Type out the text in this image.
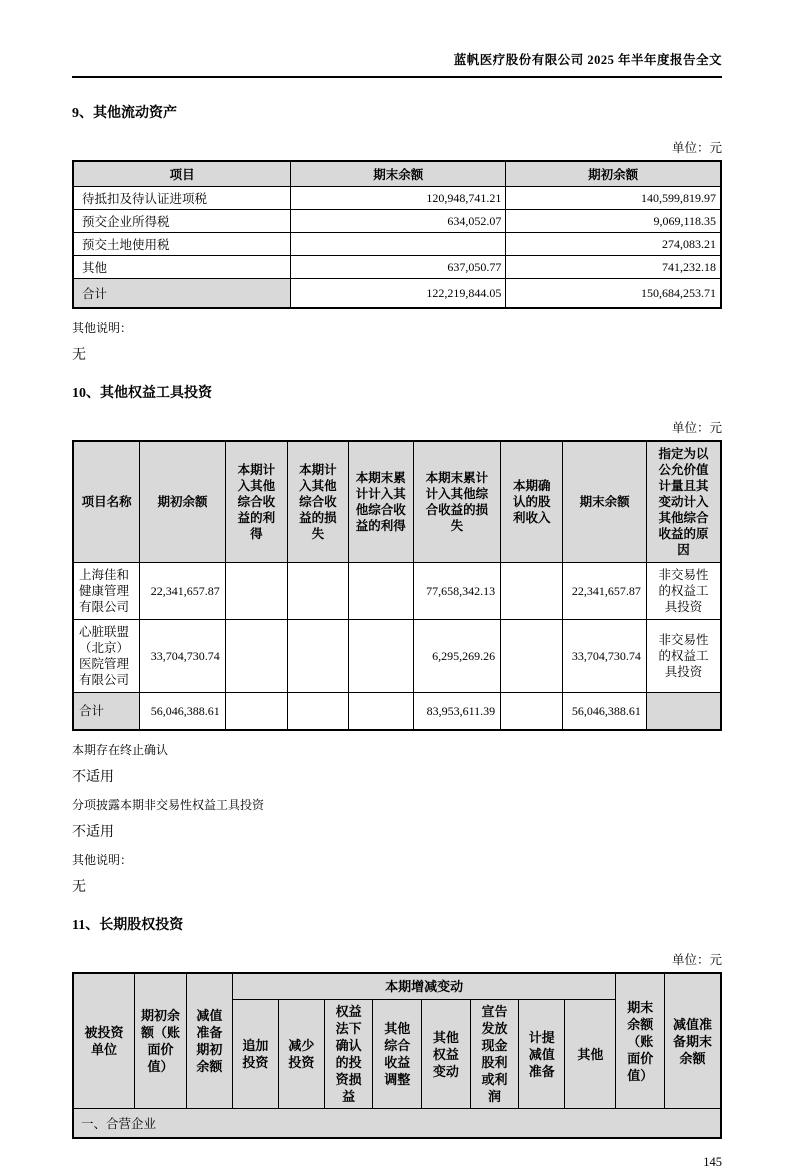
蓝帆医疗股份有限公司 2025 年半年度报告全文
9、其他流动资产
单位：元
项目	期末余额	期初余额
待抵扣及待认证进项税	120,948,741.21	140,599,819.97
预交企业所得税	634,052.07	9,069,118.35
预交土地使用税		274,083.21
其他	637,050.77	741,232.18
合计	122,219,844.05	150,684,253.71

其他说明：

无

10、其他权益工具投资
单位：元
项目名称	期初余额	本期计入其他综合收益的利得	本期计入其他综合收益的损失	本期末累计计入其他综合收益的利得	本期末累计计入其他综合收益的损失	本期确认的股利收入	期末余额	指定为以公允价值计量且其变动计入其他综合收益的原因
上海佳和健康管理有限公司	22,341,657.87				77,658,342.13		22,341,657.87	非交易性的权益工具投资
心脏联盟（北京）医院管理有限公司	33,704,730.74				6,295,269.26		33,704,730.74	非交易性的权益工具投资
合计	56,046,388.61				83,953,611.39		56,046,388.61	

本期存在终止确认

不适用

分项披露本期非交易性权益工具投资

不适用

其他说明：

无

11、长期股权投资
单位：元
被投资单位	期初余额（账面价值）	减值准备期初余额	本期增减变动								期末余额（账面价值）	减值准备期末余额
			追加投资	减少投资	权益法下确认的投资损益	其他综合收益调整	其他权益变动	宣告发放现金股利或利润	计提减值准备	其他		
一、合营企业												
145
